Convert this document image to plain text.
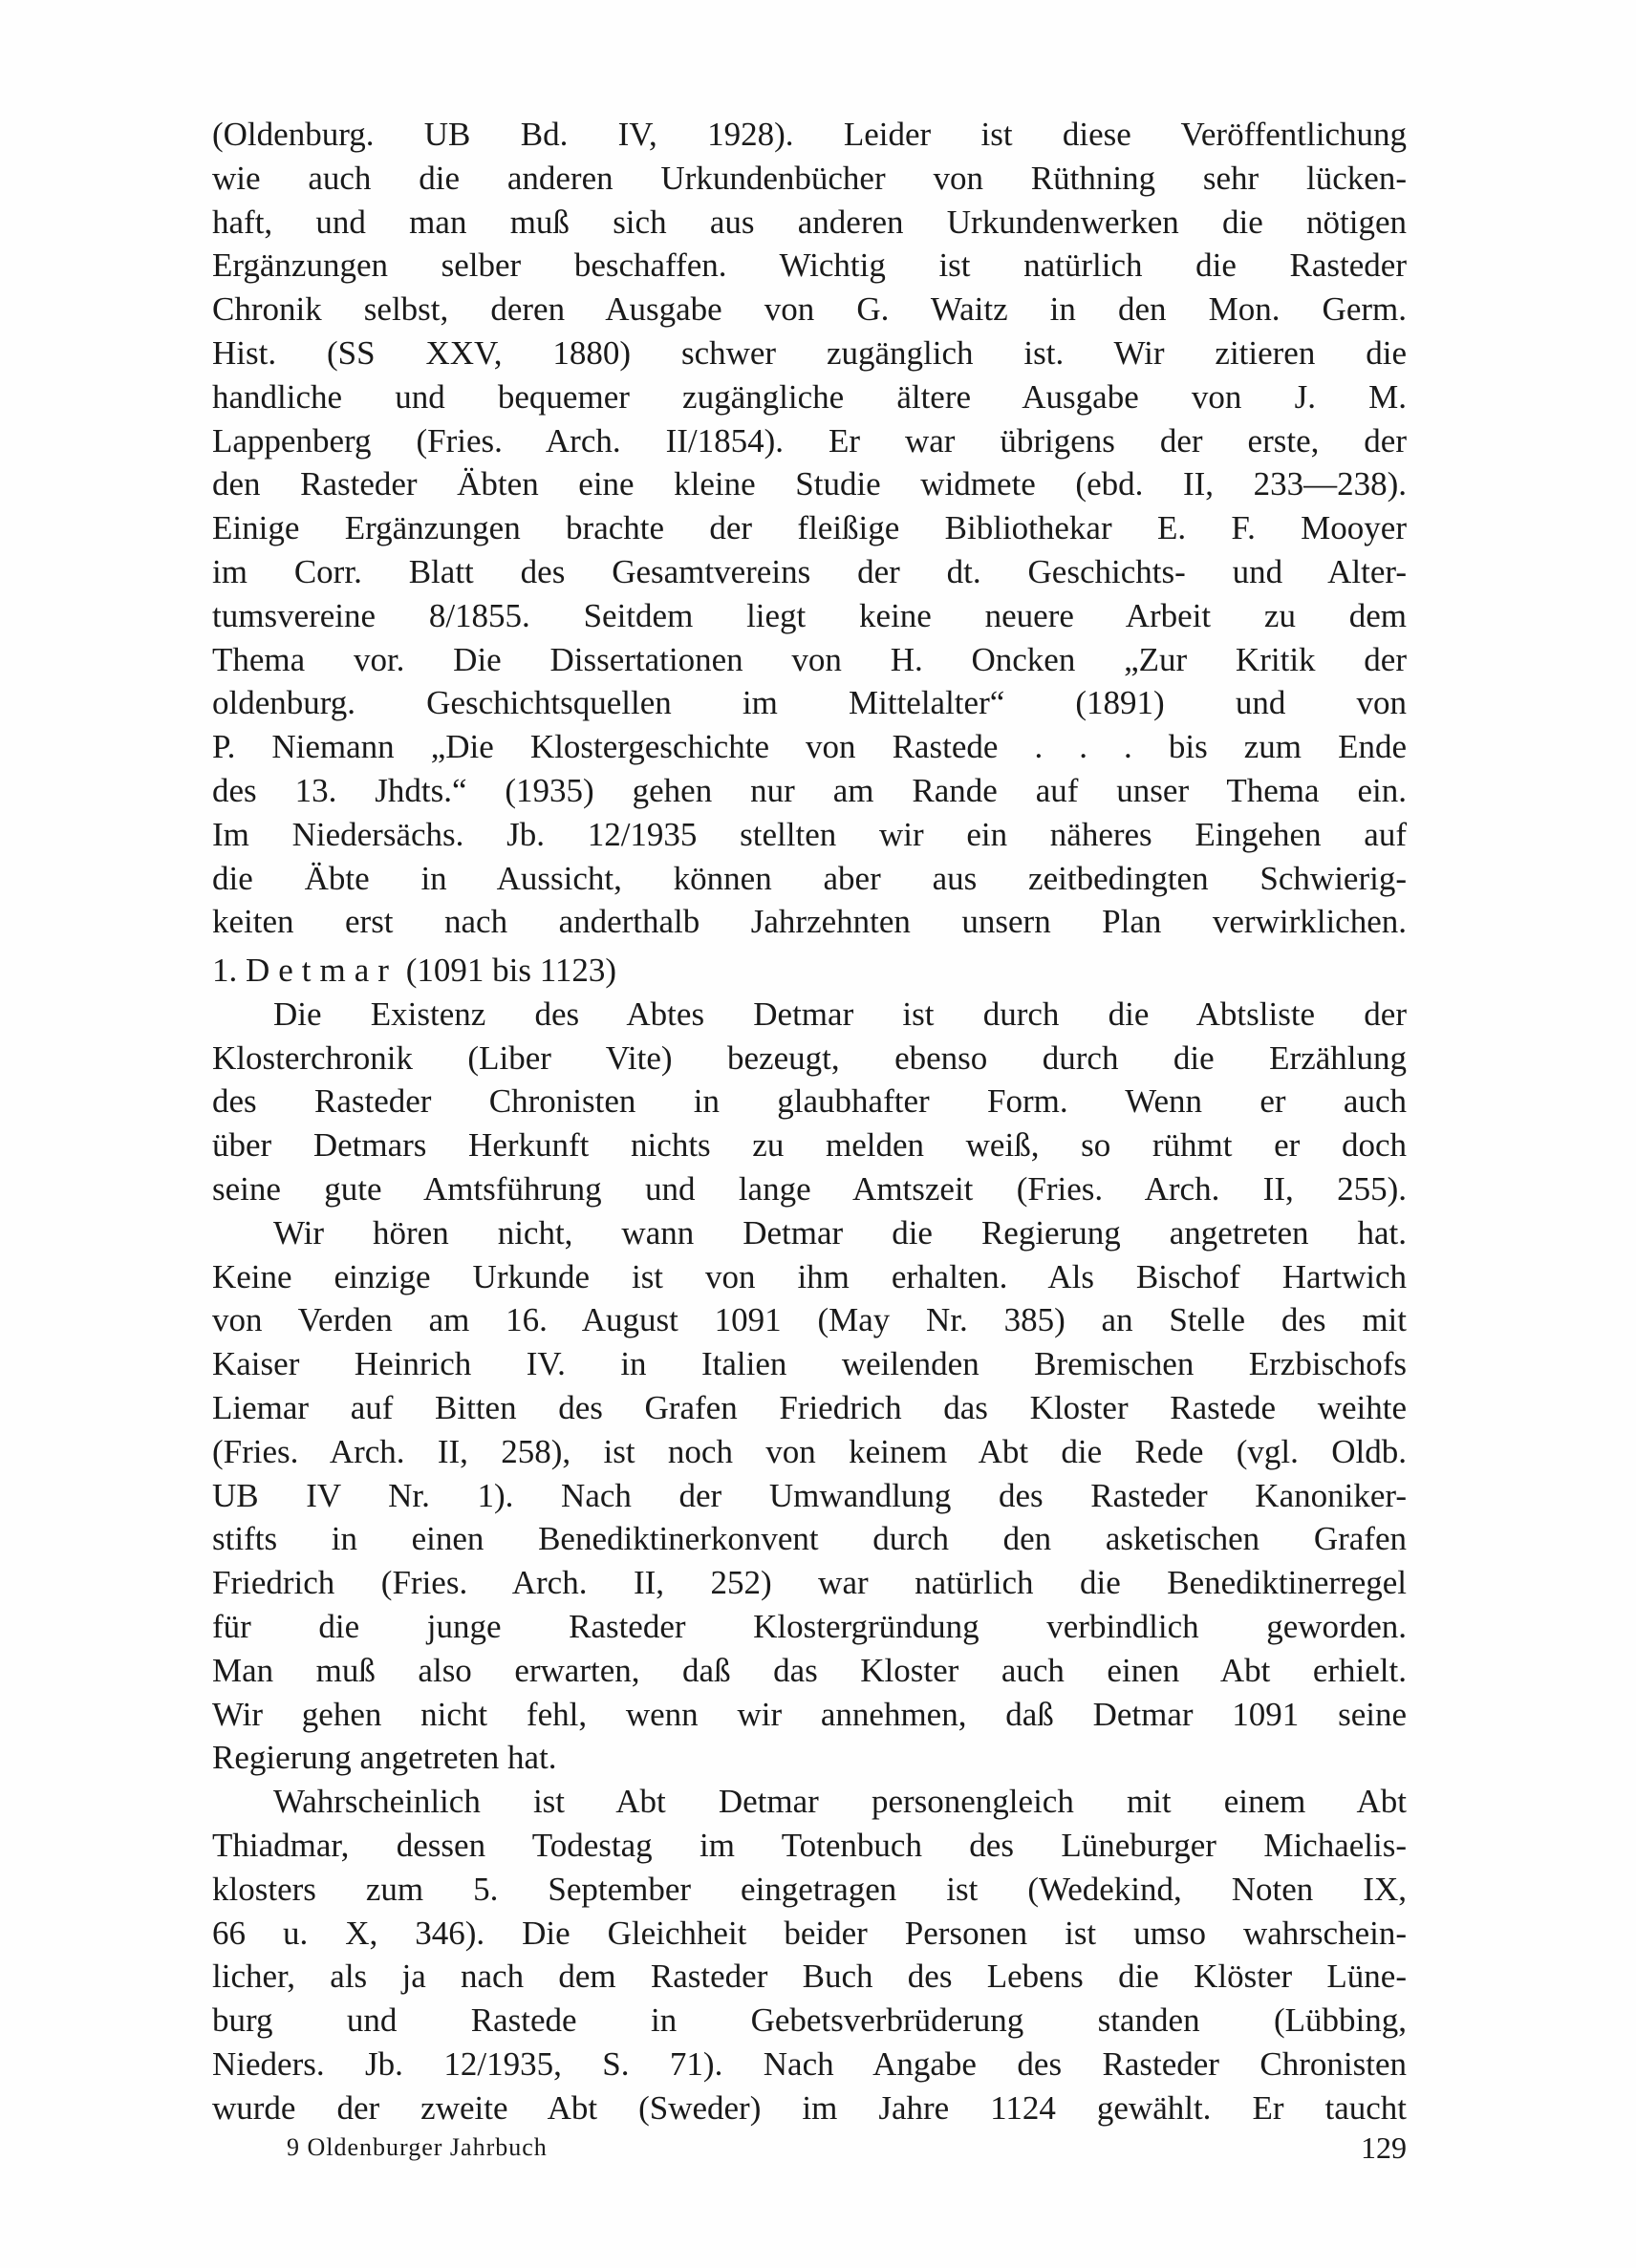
(Oldenburg. UB Bd. IV, 1928). Leider ist diese Veröffentlichung
wie auch die anderen Urkundenbücher von Rüthning sehr lücken-
haft, und man muß sich aus anderen Urkundenwerken die nötigen
Ergänzungen selber beschaffen. Wichtig ist natürlich die Rasteder
Chronik selbst, deren Ausgabe von G. Waitz in den Mon. Germ.
Hist. (SS XXV, 1880) schwer zugänglich ist. Wir zitieren die
handliche und bequemer zugängliche ältere Ausgabe von J. M.
Lappenberg (Fries. Arch. II/1854). Er war übrigens der erste, der
den Rasteder Äbten eine kleine Studie widmete (ebd. II, 233—238).
Einige Ergänzungen brachte der fleißige Bibliothekar E. F. Mooyer
im Corr. Blatt des Gesamtvereins der dt. Geschichts- und Alter-
tumsvereine 8/1855. Seitdem liegt keine neuere Arbeit zu dem
Thema vor. Die Dissertationen von H. Oncken „Zur Kritik der
oldenburg. Geschichtsquellen im Mittelalter“ (1891) und von
P. Niemann „Die Klostergeschichte von Rastede . . . bis zum Ende
des 13. Jhdts.“ (1935) gehen nur am Rande auf unser Thema ein.
Im Niedersächs. Jb. 12/1935 stellten wir ein näheres Eingehen auf
die Äbte in Aussicht, können aber aus zeitbedingten Schwierig-
keiten erst nach anderthalb Jahrzehnten unsern Plan verwirklichen.
1. Detmar (1091 bis 1123)
Die Existenz des Abtes Detmar ist durch die Abtsliste der
Klosterchronik (Liber Vite) bezeugt, ebenso durch die Erzählung
des Rasteder Chronisten in glaubhafter Form. Wenn er auch
über Detmars Herkunft nichts zu melden weiß, so rühmt er doch
seine gute Amtsführung und lange Amtszeit (Fries. Arch. II, 255).
Wir hören nicht, wann Detmar die Regierung angetreten hat.
Keine einzige Urkunde ist von ihm erhalten. Als Bischof Hartwich
von Verden am 16. August 1091 (May Nr. 385) an Stelle des mit
Kaiser Heinrich IV. in Italien weilenden Bremischen Erzbischofs
Liemar auf Bitten des Grafen Friedrich das Kloster Rastede weihte
(Fries. Arch. II, 258), ist noch von keinem Abt die Rede (vgl. Oldb.
UB IV Nr. 1). Nach der Umwandlung des Rasteder Kanoniker-
stifts in einen Benediktinerkonvent durch den asketischen Grafen
Friedrich (Fries. Arch. II, 252) war natürlich die Benediktinerregel
für die junge Rasteder Klostergründung verbindlich geworden.
Man muß also erwarten, daß das Kloster auch einen Abt erhielt.
Wir gehen nicht fehl, wenn wir annehmen, daß Detmar 1091 seine
Regierung angetreten hat.
Wahrscheinlich ist Abt Detmar personengleich mit einem Abt
Thiadmar, dessen Todestag im Totenbuch des Lüneburger Michaelis-
klosters zum 5. September eingetragen ist (Wedekind, Noten IX,
66 u. X, 346). Die Gleichheit beider Personen ist umso wahrschein-
licher, als ja nach dem Rasteder Buch des Lebens die Klöster Lüne-
burg und Rastede in Gebetsverbrüderung standen (Lübbing,
Nieders. Jb. 12/1935, S. 71). Nach Angabe des Rasteder Chronisten
wurde der zweite Abt (Sweder) im Jahre 1124 gewählt. Er taucht
9 Oldenburger Jahrbuch	129
